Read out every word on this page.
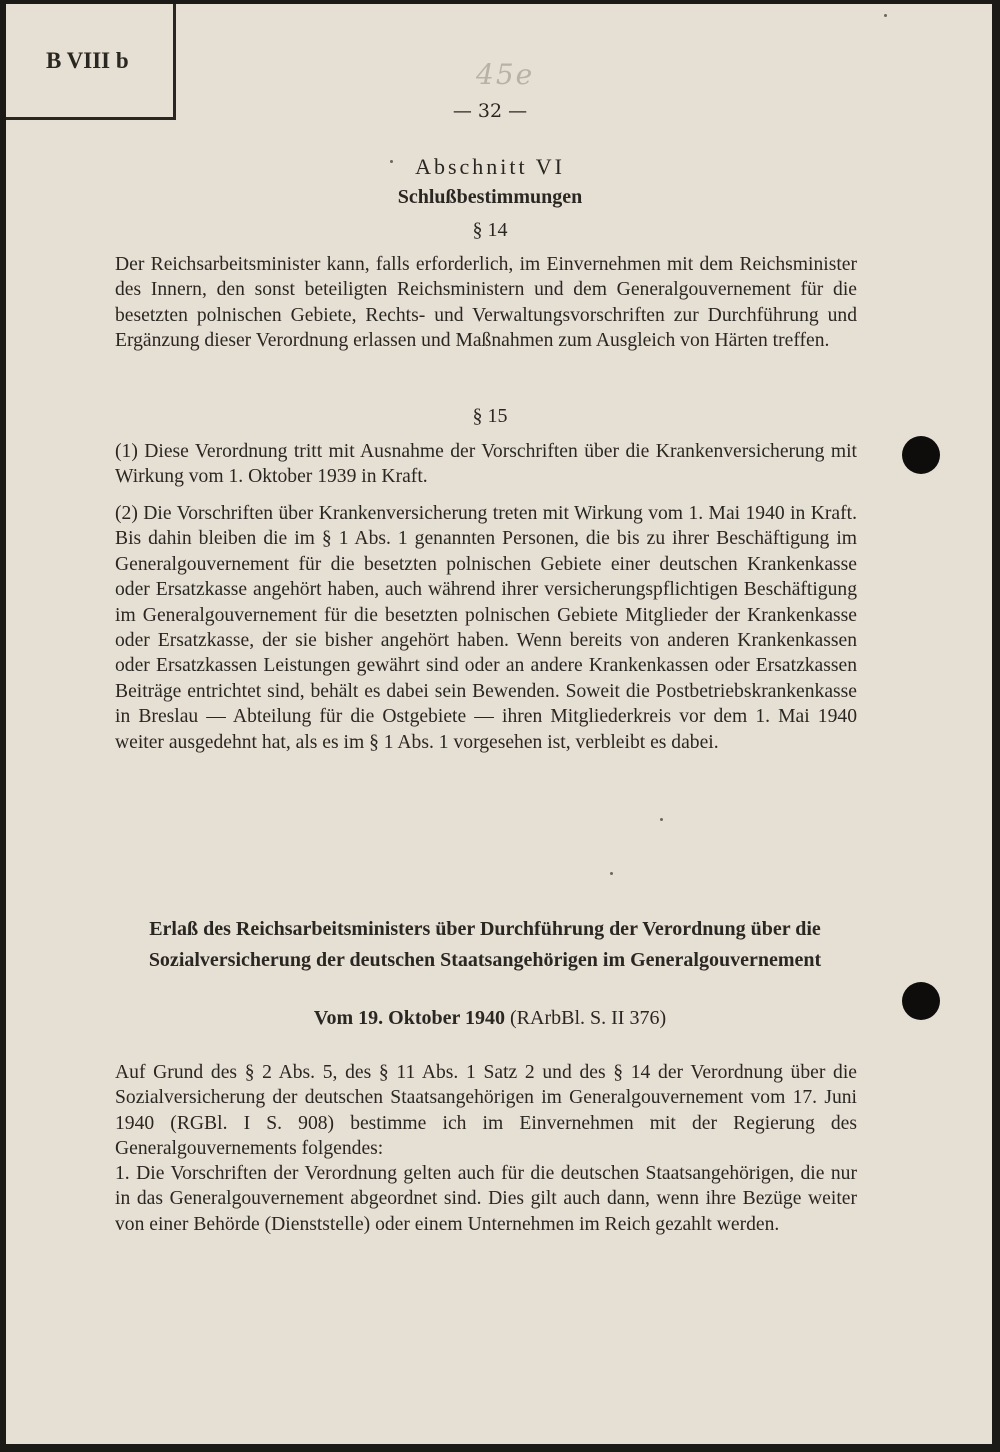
B VIII b	45e
— 32 —
Abschnitt VI
Schlußbestimmungen
§ 14
Der Reichsarbeitsminister kann, falls erforderlich, im Einvernehmen mit dem Reichsminister des Innern, den sonst beteiligten Reichsministern und dem Generalgouvernement für die besetzten polnischen Gebiete, Rechts- und Verwaltungsvorschriften zur Durchführung und Ergänzung dieser Verordnung erlassen und Maßnahmen zum Ausgleich von Härten treffen.
§ 15
(1) Diese Verordnung tritt mit Ausnahme der Vorschriften über die Krankenversicherung mit Wirkung vom 1. Oktober 1939 in Kraft.
(2) Die Vorschriften über Krankenversicherung treten mit Wirkung vom 1. Mai 1940 in Kraft. Bis dahin bleiben die im § 1 Abs. 1 genannten Personen, die bis zu ihrer Beschäftigung im Generalgouvernement für die besetzten polnischen Gebiete einer deutschen Krankenkasse oder Ersatzkasse angehört haben, auch während ihrer versicherungspflichtigen Beschäftigung im Generalgouvernement für die besetzten polnischen Gebiete Mitglieder der Krankenkasse oder Ersatzkasse, der sie bisher angehört haben. Wenn bereits von anderen Krankenkassen oder Ersatzkassen Leistungen gewährt sind oder an andere Krankenkassen oder Ersatzkassen Beiträge entrichtet sind, behält es dabei sein Bewenden. Soweit die Postbetriebskrankenkasse in Breslau — Abteilung für die Ostgebiete — ihren Mitgliederkreis vor dem 1. Mai 1940 weiter ausgedehnt hat, als es im § 1 Abs. 1 vorgesehen ist, verbleibt es dabei.
Erlaß des Reichsarbeitsministers über Durchführung der Verordnung über die Sozialversicherung der deutschen Staatsangehörigen im Generalgouvernement
Vom 19. Oktober 1940 (RArbBl. S. II 376)
Auf Grund des § 2 Abs. 5, des § 11 Abs. 1 Satz 2 und des § 14 der Verordnung über die Sozialversicherung der deutschen Staatsangehörigen im Generalgouvernement vom 17. Juni 1940 (RGBl. I S. 908) bestimme ich im Einvernehmen mit der Regierung des Generalgouvernements folgendes:
1. Die Vorschriften der Verordnung gelten auch für die deutschen Staatsangehörigen, die nur in das Generalgouvernement abgeordnet sind. Dies gilt auch dann, wenn ihre Bezüge weiter von einer Behörde (Dienststelle) oder einem Unternehmen im Reich gezahlt werden.
